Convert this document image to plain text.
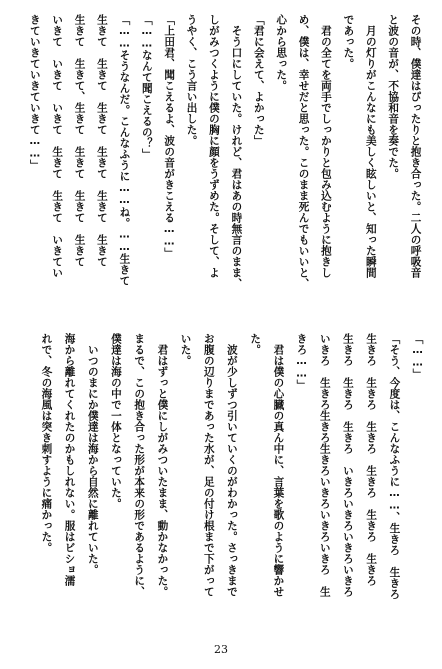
その時、僕達はぴったりと抱き合った。二人の呼吸音
と波の音が、不協和音を奏でた。
　月の灯りがこんなにも美しく眩しいと、知った瞬間
であった。
　君の全てを両手でしっかりと包み込むように抱きし
め、僕は、幸せだと思った。このまま死んでもいいと、
心から思った。
「君に会えて、よかった」
　そう口にしていた。けれど、君はあの時無言のまま、
しがみつくように僕の胸に顔をうずめた。そして、よ
うやく、こう言い出した。
「上田君、聞こえるよ、波の音がきこえる……」
「……なんて聞こえるの？」
「……そうなんだ。こんなふうに……ね。……生きて
生きて　生きて　生きて　生きて　生きて　生きて
生きて　生きて、生きて　生きて　生きて　生きて
いきて　いきて　いきて　生きて　生きて　いきてい
きていきていきていきて……」
「……」
「そう、今度は、こんなふうに……、生きろ　生きろ
生きろ　生きろ　生きろ　生きろ　生きろ　生きろ
生きろ　生きろ　生きろ　いきろいきろいきろいきろ
いきろ　生きろ生きろ生きろいきろいきろいきろ　生
きろ……」
　君は僕の心臓の真ん中に、言葉を歌のように響かせ
た。
　波が少しずつ引いていくのがわかった。さっきまで
お腹の辺りまであった水が、足の付け根まで下がって
いた。
　君はずっと僕にしがみついたまま、動かなかった。
まるで、この抱き合った形が本来の形であるように、
僕達は海の中で一体となっていた。
　いつのまにか僕達は海から自然に離れていた。
海から離れてくれたのかもしれない。服はビショ濡
れで、冬の海風は突き刺すように痛かった。
23
